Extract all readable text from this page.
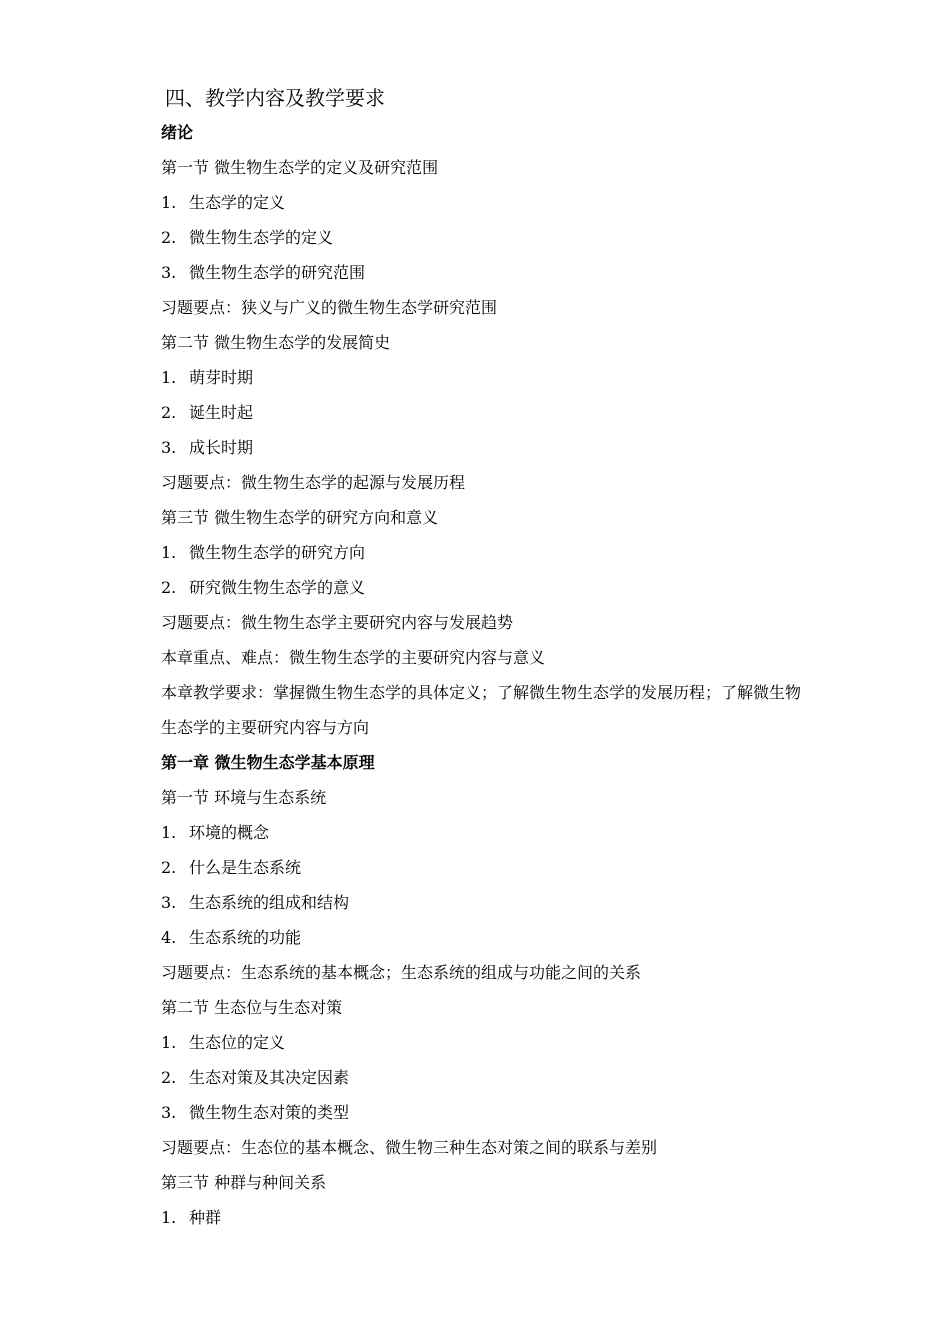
四、教学内容及教学要求
绪论
第一节 微生物生态学的定义及研究范围
1. 生态学的定义
2. 微生物生态学的定义
3. 微生物生态学的研究范围
习题要点：狭义与广义的微生物生态学研究范围
第二节 微生物生态学的发展简史
1. 萌芽时期
2. 诞生时起
3. 成长时期
习题要点：微生物生态学的起源与发展历程
第三节 微生物生态学的研究方向和意义
1. 微生物生态学的研究方向
2. 研究微生物生态学的意义
习题要点：微生物生态学主要研究内容与发展趋势
本章重点、难点：微生物生态学的主要研究内容与意义
本章教学要求：掌握微生物生态学的具体定义；了解微生物生态学的发展历程；了解微生物
生态学的主要研究内容与方向
第一章 微生物生态学基本原理
第一节 环境与生态系统
1. 环境的概念
2. 什么是生态系统
3. 生态系统的组成和结构
4. 生态系统的功能
习题要点：生态系统的基本概念；生态系统的组成与功能之间的关系
第二节 生态位与生态对策
1. 生态位的定义
2. 生态对策及其决定因素
3. 微生物生态对策的类型
习题要点：生态位的基本概念、微生物三种生态对策之间的联系与差别
第三节 种群与种间关系
1. 种群
